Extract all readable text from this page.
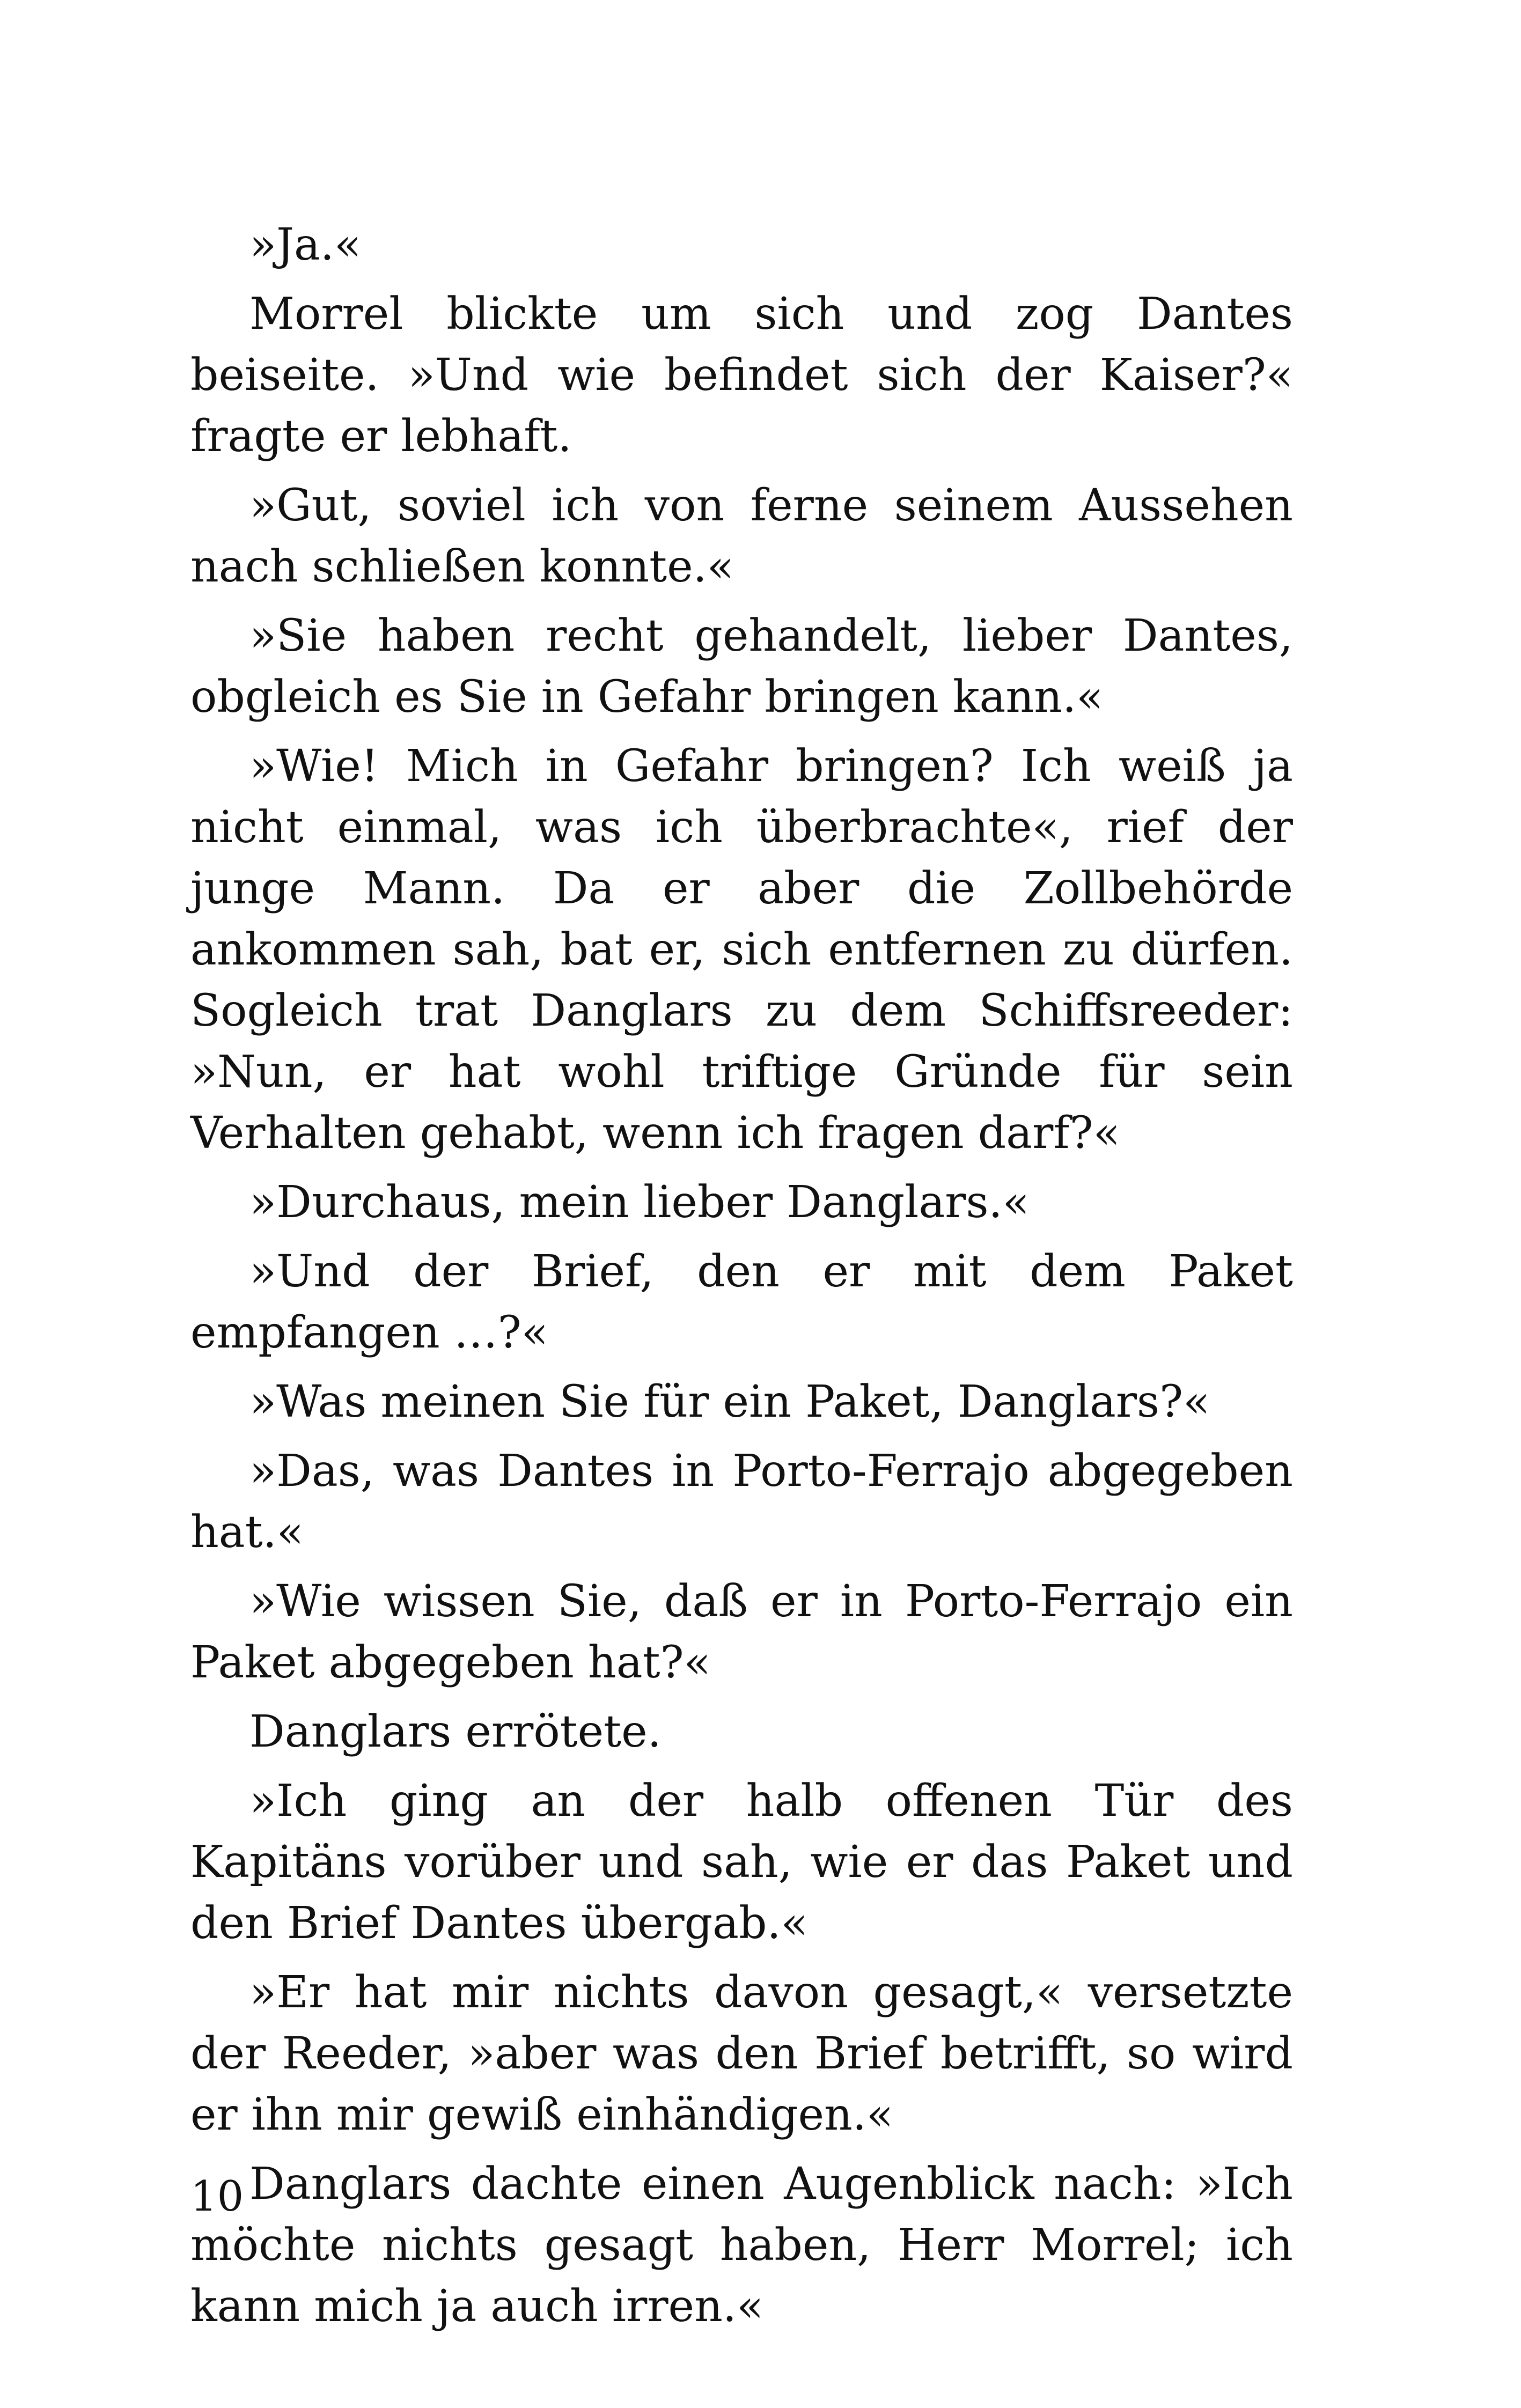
»Ja.«

Morrel blickte um sich und zog Dantes beiseite. »Und wie befindet sich der Kaiser?« fragte er lebhaft.

»Gut, soviel ich von ferne seinem Aussehen nach schließen konnte.«

»Sie haben recht gehandelt, lieber Dantes, obgleich es Sie in Gefahr bringen kann.«

»Wie! Mich in Gefahr bringen? Ich weiß ja nicht einmal, was ich überbrachte«, rief der junge Mann. Da er aber die Zollbehörde ankommen sah, bat er, sich entfernen zu dürfen. Sogleich trat Danglars zu dem Schiffsreeder: »Nun, er hat wohl triftige Gründe für sein Verhalten gehabt, wenn ich fragen darf?«

»Durchaus, mein lieber Danglars.«

»Und der Brief, den er mit dem Paket empfangen …?«

»Was meinen Sie für ein Paket, Danglars?«

»Das, was Dantes in Porto-Ferrajo abgegeben hat.«

»Wie wissen Sie, daß er in Porto-Ferrajo ein Paket abgegeben hat?«

Danglars errötete.

»Ich ging an der halb offenen Tür des Kapitäns vorüber und sah, wie er das Paket und den Brief Dantes übergab.«

»Er hat mir nichts davon gesagt,« versetzte der Reeder, »aber was den Brief betrifft, so wird er ihn mir gewiß einhändigen.«

Danglars dachte einen Augenblick nach: »Ich möchte nichts gesagt haben, Herr Morrel; ich kann mich ja auch irren.«

10
